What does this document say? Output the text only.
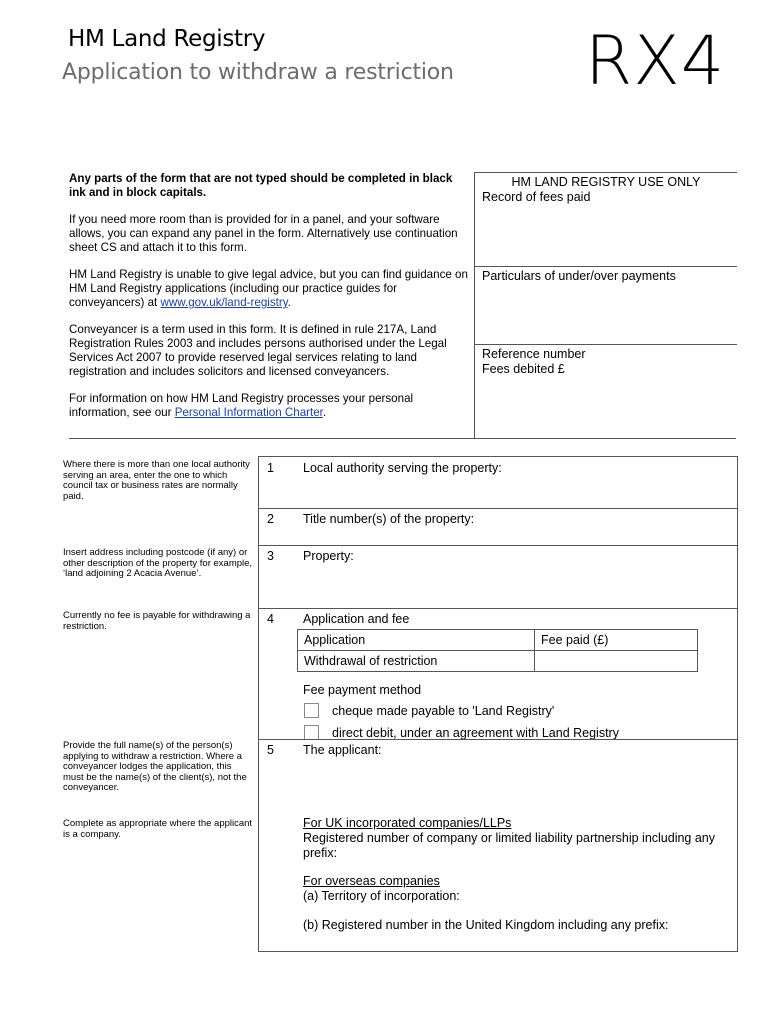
HM Land Registry
Application to withdraw a restriction RX4

Any parts of the form that are not typed should be completed in black ink and in block capitals.

If you need more room than is provided for in a panel, and your software allows, you can expand any panel in the form. Alternatively use continuation sheet CS and attach it to this form.

HM Land Registry is unable to give legal advice, but you can find guidance on HM Land Registry applications (including our practice guides for conveyancers) at www.gov.uk/land-registry.

Conveyancer is a term used in this form. It is defined in rule 217A, Land Registration Rules 2003 and includes persons authorised under the Legal Services Act 2007 to provide reserved legal services relating to land registration and includes solicitors and licensed conveyancers.

For information on how HM Land Registry processes your personal information, see our Personal Information Charter.

HM LAND REGISTRY USE ONLY
Record of fees paid
Particulars of under/over payments
Reference number
Fees debited £
Where there is more than one local authority serving an area, enter the one to which council tax or business rates are normally paid.
Insert address including postcode (if any) or other description of the property for example, ‘land adjoining 2 Acacia Avenue’.
Currently no fee is payable for withdrawing a restriction.
Provide the full name(s) of the person(s) applying to withdraw a restriction. Where a conveyancer lodges the application, this must be the name(s) of the client(s), not the conveyancer.
Complete as appropriate where the applicant is a company.
1 Local authority serving the property:
2 Title number(s) of the property:
3 Property:
4 Application and fee
Application	Fee paid (£)
Withdrawal of restriction	
Fee payment method
cheque made payable to 'Land Registry'
direct debit, under an agreement with Land Registry
5 The applicant:
For UK incorporated companies/LLPs
Registered number of company or limited liability partnership including any prefix:
For overseas companies
(a) Territory of incorporation:
(b) Registered number in the United Kingdom including any prefix:
